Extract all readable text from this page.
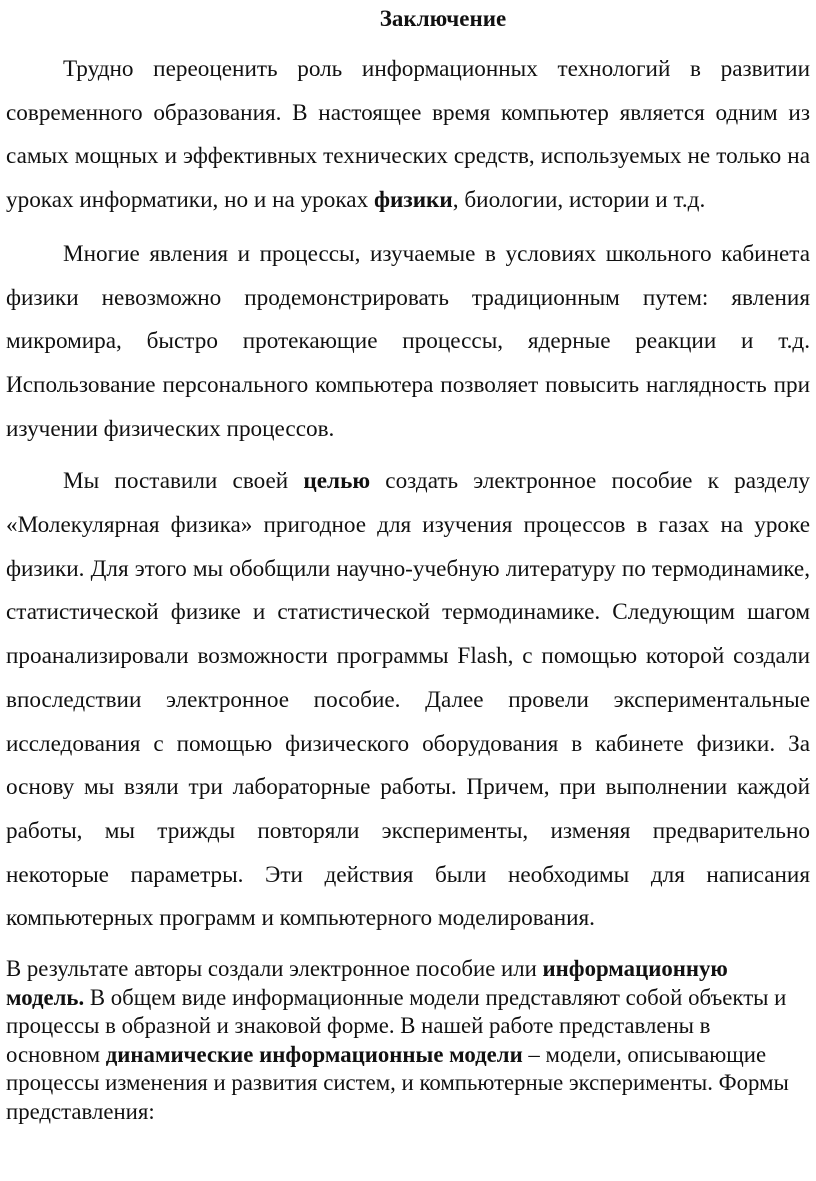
Заключение

Трудно переоценить роль информационных технологий в развитии современного образования. В настоящее время компьютер является одним из самых мощных и эффективных технических средств, используемых не только на уроках информатики, но и на уроках физики, биологии, истории и т.д.

Многие явления и процессы, изучаемые в условиях школьного кабинета физики невозможно продемонстрировать традиционным путем: явления микромира, быстро протекающие процессы, ядерные реакции и т.д. Использование персонального компьютера позволяет повысить наглядность при изучении физических процессов.

Мы поставили своей целью создать электронное пособие к разделу «Молекулярная физика» пригодное для изучения процессов в газах на уроке физики. Для этого мы обобщили научно-учебную литературу по термодинамике, статистической физике и статистической термодинамике. Следующим шагом проанализировали возможности программы Flash, с помощью которой создали впоследствии электронное пособие. Далее провели экспериментальные исследования с помощью физического оборудования в кабинете физики. За основу мы взяли три лабораторные работы. Причем, при выполнении каждой работы, мы трижды повторяли эксперименты, изменяя предварительно некоторые параметры. Эти действия были необходимы для написания компьютерных программ и компьютерного моделирования.

В результате авторы создали электронное пособие или информационную модель. В общем виде информационные модели представляют собой объекты и процессы в образной и знаковой форме. В нашей работе представлены в основном динамические информационные модели – модели, описывающие процессы изменения и развития систем, и компьютерные эксперименты. Формы представления:
